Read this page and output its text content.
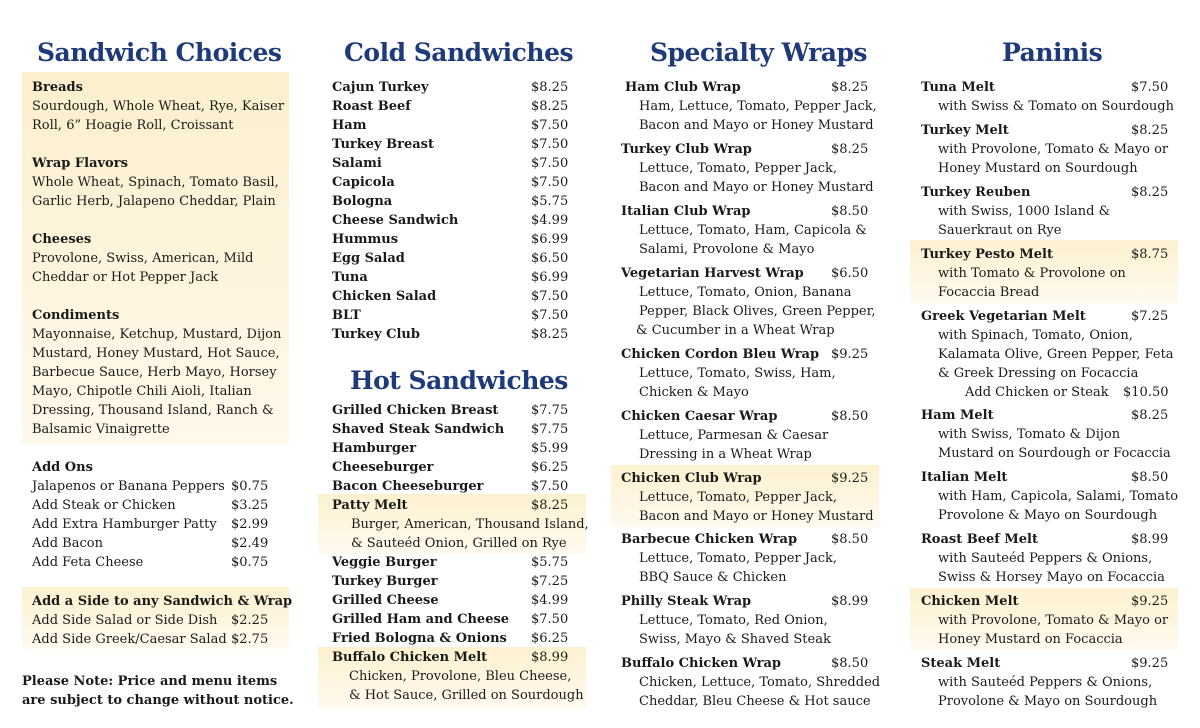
Sandwich Choices
Breads
Sourdough, Whole Wheat, Rye, Kaiser
Roll, 6” Hoagie Roll, Croissant
Wrap Flavors
Whole Wheat, Spinach, Tomato Basil,
Garlic Herb, Jalapeno Cheddar, Plain
Cheeses
Provolone, Swiss, American, Mild
Cheddar or Hot Pepper Jack
Condiments
Mayonnaise, Ketchup, Mustard, Dijon
Mustard, Honey Mustard, Hot Sauce,
Barbecue Sauce, Herb Mayo, Horsey
Mayo, Chipotle Chili Aioli, Italian
Dressing, Thousand Island, Ranch &
Balsamic Vinaigrette
Add Ons
Jalapenos or Banana Peppers $0.75
Add Steak or Chicken	$3.25
Add Extra Hamburger Patty $2.99
Add Bacon	$2.49
Add Feta Cheese	$0.75
Add a Side to any Sandwich & Wrap
Add Side Salad or Side Dish $2.25
Add Side Greek/Caesar Salad $2.75
Please Note: Price and menu items
are subject to change without notice.
Cold Sandwiches
Cajun Turkey	$8.25
Roast Beef	$8.25
Ham	$7.50
Turkey Breast	$7.50
Salami	$7.50
Capicola	$7.50
Bologna	$5.75
Cheese Sandwich	$4.99
Hummus	$6.99
Egg Salad	$6.50
Tuna	$6.99
Chicken Salad	$7.50
BLT	$7.50
Turkey Club	$8.25
Hot Sandwiches
Grilled Chicken Breast	$7.75
Shaved Steak Sandwich $7.75
Hamburger	$5.99
Cheeseburger	$6.25
Bacon Cheeseburger	$7.50
Patty Melt	$8.25
Burger, American, Thousand Island,
& Sauteéd Onion, Grilled on Rye
Veggie Burger	$5.75
Turkey Burger	$7.25
Grilled Cheese	$4.99
Grilled Ham and Cheese $7.50
Fried Bologna & Onions $6.25
Buffalo Chicken Melt	$8.99
Chicken, Provolone, Bleu Cheese,
& Hot Sauce, Grilled on Sourdough
Specialty Wraps
Ham Club Wrap	$8.25
Ham, Lettuce, Tomato, Pepper Jack,
Bacon and Mayo or Honey Mustard
Turkey Club Wrap	$8.25
Lettuce, Tomato, Pepper Jack,
Bacon and Mayo or Honey Mustard
Italian Club Wrap	$8.50
Lettuce, Tomato, Ham, Capicola &
Salami, Provolone & Mayo
Vegetarian Harvest Wrap $6.50
Lettuce, Tomato, Onion, Banana
Pepper, Black Olives, Green Pepper,
& Cucumber in a Wheat Wrap
Chicken Cordon Bleu Wrap $9.25
Lettuce, Tomato, Swiss, Ham,
Chicken & Mayo
Chicken Caesar Wrap	$8.50
Lettuce, Parmesan & Caesar
Dressing in a Wheat Wrap
Chicken Club Wrap	$9.25
Lettuce, Tomato, Pepper Jack,
Bacon and Mayo or Honey Mustard
Barbecue Chicken Wrap	$8.50
Lettuce, Tomato, Pepper Jack,
BBQ Sauce & Chicken
Philly Steak Wrap	$8.99
Lettuce, Tomato, Red Onion,
Swiss, Mayo & Shaved Steak
Buffalo Chicken Wrap	$8.50
Chicken, Lettuce, Tomato, Shredded
Cheddar, Bleu Cheese & Hot sauce
Paninis
Tuna Melt	$7.50
with Swiss & Tomato on Sourdough
Turkey Melt	$8.25
with Provolone, Tomato & Mayo or
Honey Mustard on Sourdough
Turkey Reuben	$8.25
with Swiss, 1000 Island &
Sauerkraut on Rye
Turkey Pesto Melt	$8.75
with Tomato & Provolone on
Focaccia Bread
Greek Vegetarian Melt	$7.25
with Spinach, Tomato, Onion,
Kalamata Olive, Green Pepper, Feta
& Greek Dressing on Focaccia
Add Chicken or Steak $10.50
Ham Melt	$8.25
with Swiss, Tomato & Dijon
Mustard on Sourdough or Focaccia
Italian Melt	$8.50
with Ham, Capicola, Salami, Tomato
Provolone & Mayo on Sourdough
Roast Beef Melt	$8.99
with Sauteéd Peppers & Onions,
Swiss & Horsey Mayo on Focaccia
Chicken Melt	$9.25
with Provolone, Tomato & Mayo or
Honey Mustard on Focaccia
Steak Melt	$9.25
with Sauteéd Peppers & Onions,
Provolone & Mayo on Sourdough
